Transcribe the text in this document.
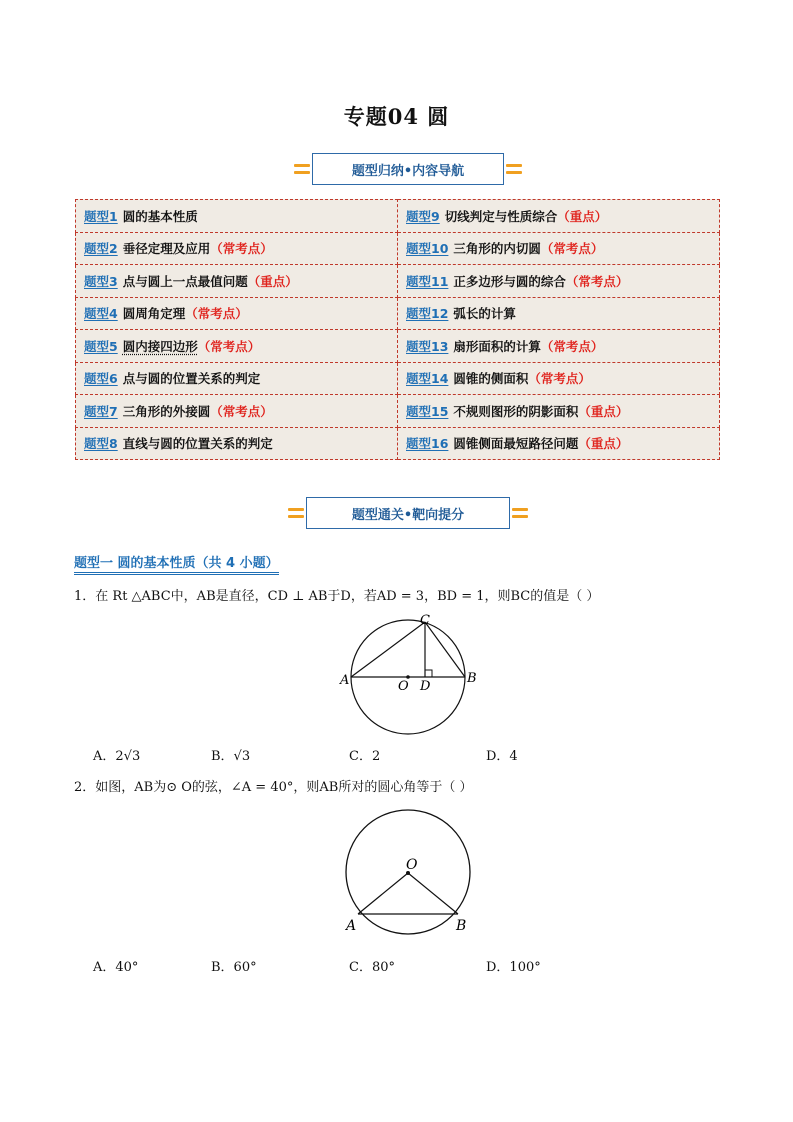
专题04 圆
题型归纳•内容导航
题型1 圆的基本性质	题型9 切线判定与性质综合（重点）
题型2 垂径定理及应用（常考点）	题型10 三角形的内切圆（常考点）
题型3 点与圆上一点最值问题（重点）	题型11 正多边形与圆的综合（常考点）
题型4 圆周角定理（常考点）	题型12 弧长的计算
题型5 圆内接四边形（常考点）	题型13 扇形面积的计算（常考点）
题型6 点与圆的位置关系的判定	题型14 圆锥的侧面积（常考点）
题型7 三角形的外接圆（常考点）	题型15 不规则图形的阴影面积（重点）
题型8 直线与圆的位置关系的判定	题型16 圆锥侧面最短路径问题（重点）
题型通关•靶向提分
题型一 圆的基本性质（共 4 小题）
1．在 Rt △ABC中，AB是直径，CD ⊥ AB于D，若AD = 3，BD = 1，则BC的值是（ ）
A	B
C
D
O
A．2√3	B．√3	C．2	D．4
2．如图，AB为⊙ O的弦，∠A = 40°，则AB所对的圆心角等于（ ）
O
A	B
A．40°	B．60°	C．80°	D．100°
